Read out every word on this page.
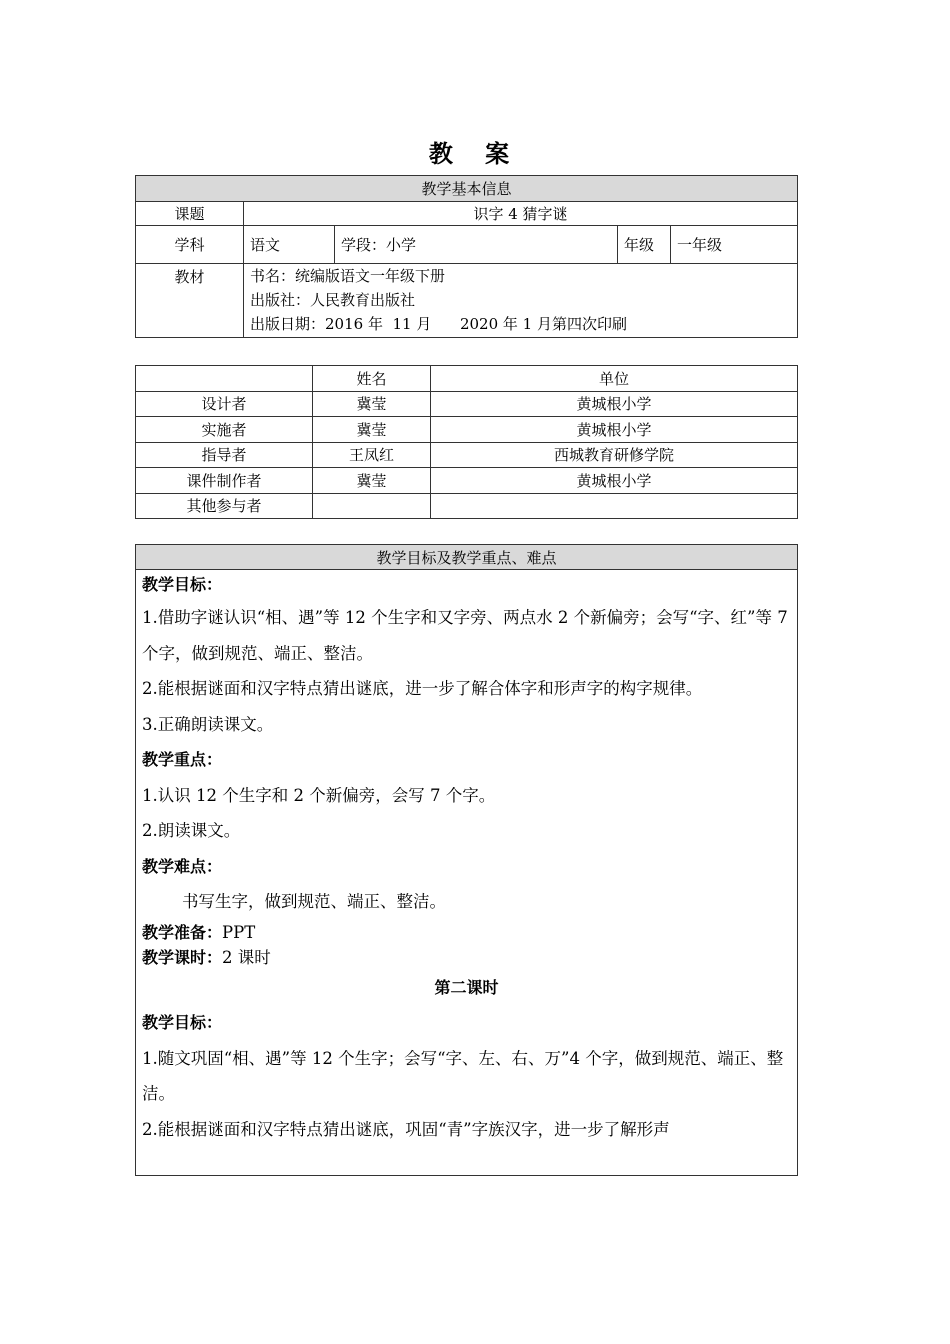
教 案
教学基本信息				
课题	识字 4 猜字谜			
学科	语文	学段：小学	年级	一年级
教材	书名：统编版语文一年级下册
出版社：人民教育出版社
出版日期：2016 年  11 月      2020 年 1 月第四次印刷			
	姓名	单位
设计者	冀莹	黄城根小学
实施者	冀莹	黄城根小学
指导者	王凤红	西城教育研修学院
课件制作者	冀莹	黄城根小学
其他参与者		
教学目标及教学重点、难点

教学目标：

1.借助字谜认识“相、遇”等 12 个生字和又字旁、两点水 2 个新偏旁；会写“字、红”等 7 个字，做到规范、端正、整洁。

2.能根据谜面和汉字特点猜出谜底，进一步了解合体字和形声字的构字规律。

3.正确朗读课文。

教学重点：

1.认识 12 个生字和 2 个新偏旁，会写 7 个字。

2.朗读课文。

教学难点：

书写生字，做到规范、端正、整洁。

教学准备：PPT

教学课时：2 课时

第二课时

教学目标：

1.随文巩固“相、遇”等 12 个生字；会写“字、左、右、万”4 个字，做到规范、端正、整洁。

2.能根据谜面和汉字特点猜出谜底，巩固“青”字族汉字，进一步了解形声
